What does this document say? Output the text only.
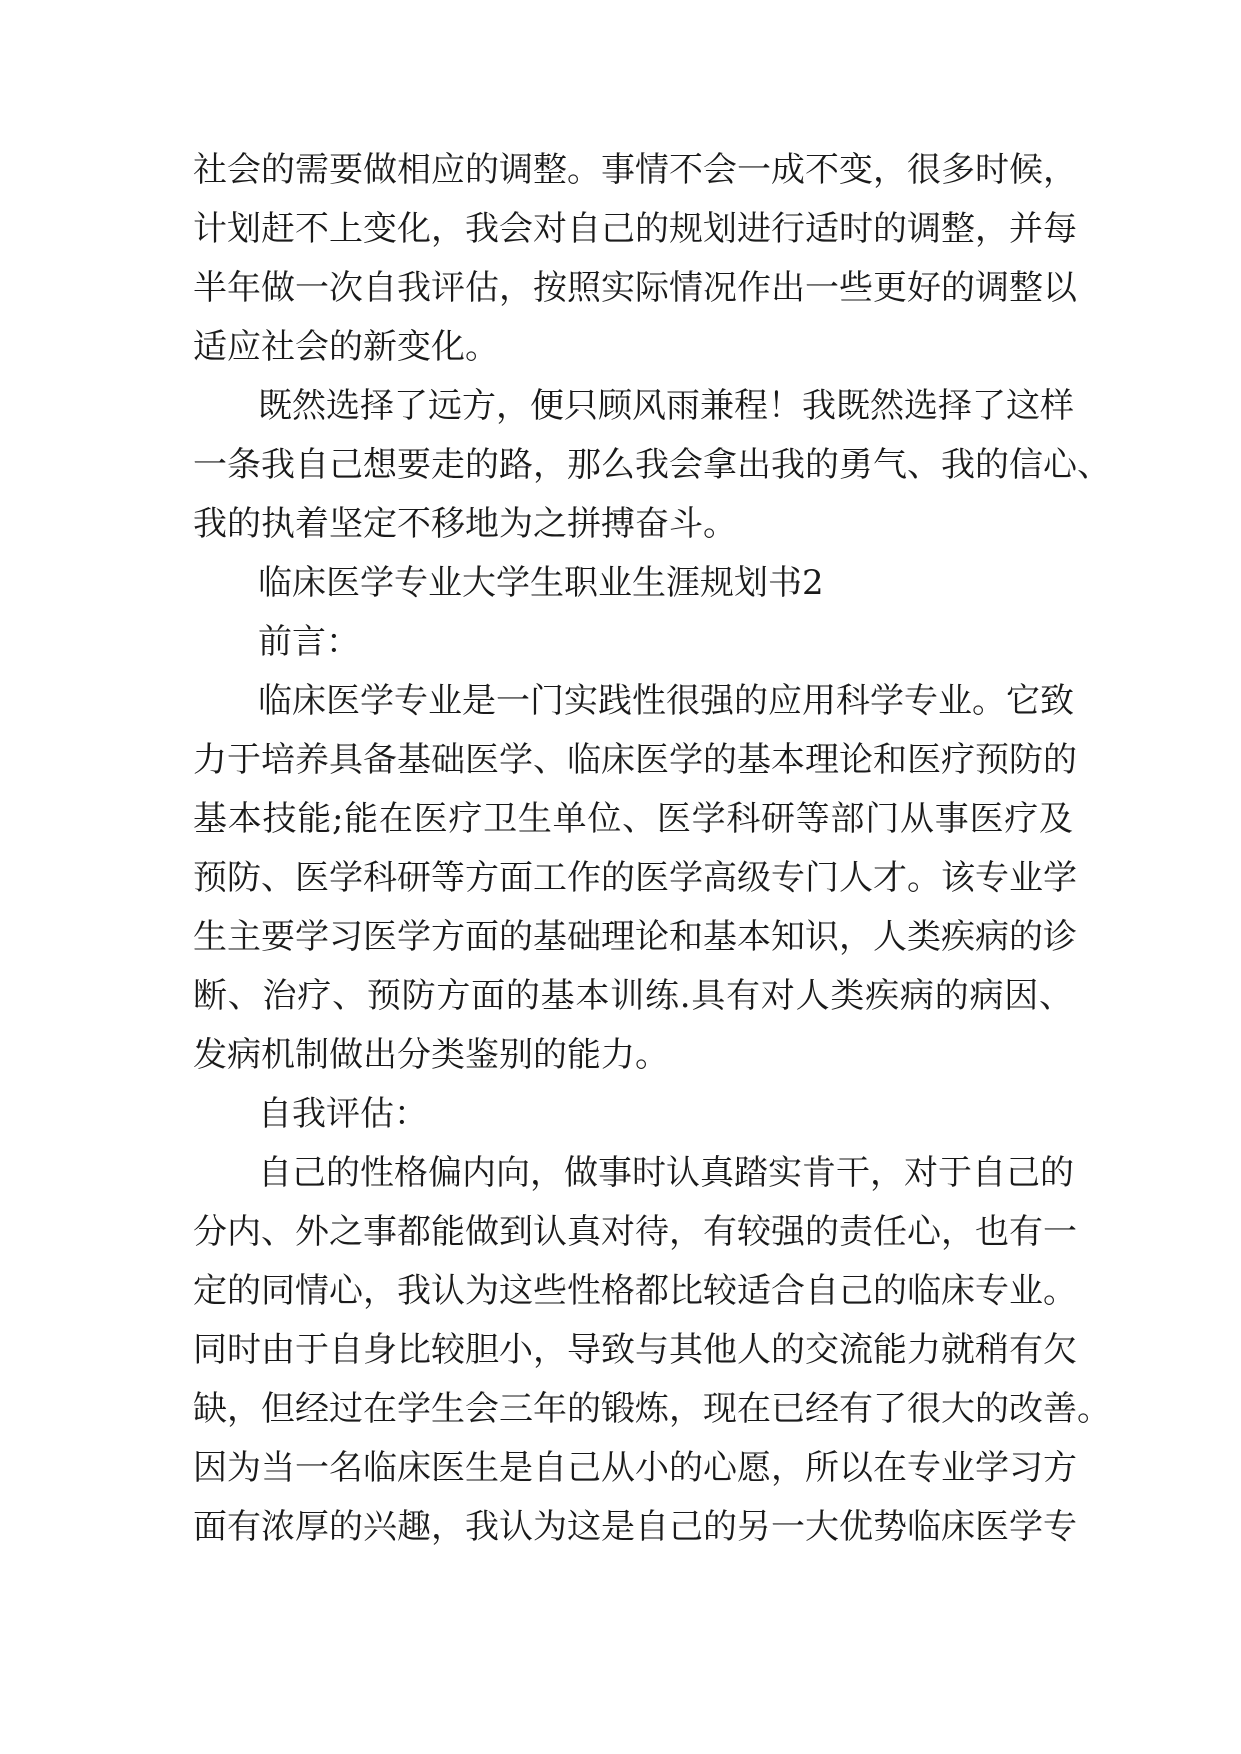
社会的需要做相应的调整。事情不会一成不变，很多时候，
计划赶不上变化，我会对自己的规划进行适时的调整，并每
半年做一次自我评估，按照实际情况作出一些更好的调整以
适应社会的新变化。
既然选择了远方，便只顾风雨兼程！我既然选择了这样
一条我自己想要走的路，那么我会拿出我的勇气、我的信心、
我的执着坚定不移地为之拼搏奋斗。
临床医学专业大学生职业生涯规划书2
前言：
临床医学专业是一门实践性很强的应用科学专业。它致
力于培养具备基础医学、临床医学的基本理论和医疗预防的
基本技能;能在医疗卫生单位、医学科研等部门从事医疗及
预防、医学科研等方面工作的医学高级专门人才。该专业学
生主要学习医学方面的基础理论和基本知识，人类疾病的诊
断、治疗、预防方面的基本训练.具有对人类疾病的病因、
发病机制做出分类鉴别的能力。
自我评估：
自己的性格偏内向，做事时认真踏实肯干，对于自己的
分内、外之事都能做到认真对待，有较强的责任心，也有一
定的同情心，我认为这些性格都比较适合自己的临床专业。
同时由于自身比较胆小，导致与其他人的交流能力就稍有欠
缺，但经过在学生会三年的锻炼，现在已经有了很大的改善。
因为当一名临床医生是自己从小的心愿，所以在专业学习方
面有浓厚的兴趣，我认为这是自己的另一大优势临床医学专
